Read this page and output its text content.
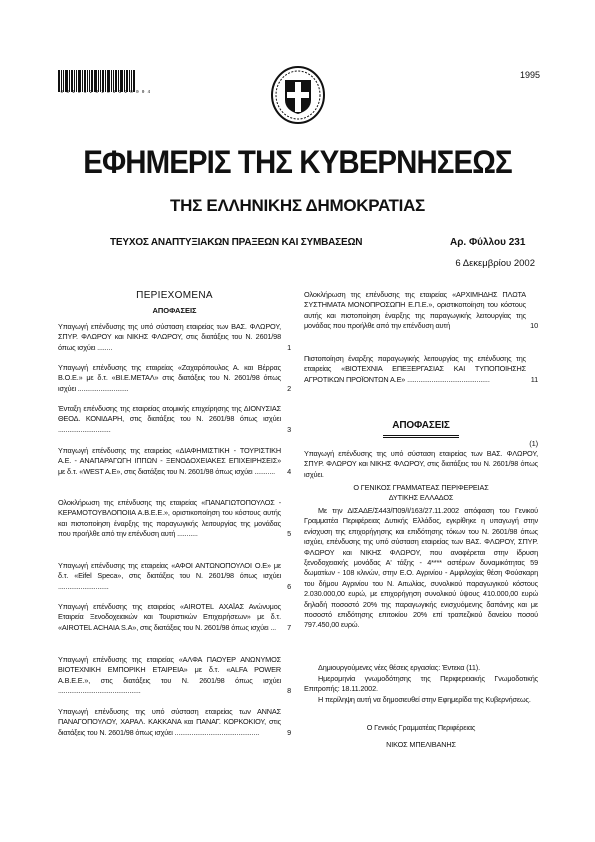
0 3 1 0 5 2 3 1 0 6 1 2 0 0 0 4
1995
ΕΦΗΜΕΡΙΣ ΤΗΣ ΚΥΒΕΡΝΗΣΕΩΣ
ΤΗΣ ΕΛΛΗΝΙΚΗΣ ΔΗΜΟΚΡΑΤΙΑΣ
ΤΕΥΧΟΣ ΑΝΑΠΤΥΞΙΑΚΩΝ ΠΡΑΞΕΩΝ ΚΑΙ ΣΥΜΒΑΣΕΩΝ	Αρ. Φύλλου 231
6 Δεκεμβρίου 2002
ΠΕΡΙΕΧΟΜΕΝΑ
ΑΠΟΦΑΣΕΙΣ
Υπαγωγή επένδυσης της υπό σύσταση εταιρείας των ΒΑΣ. ΦΛΩΡΟΥ, ΣΠΥΡ. ΦΛΩΡΟΥ και ΝΙΚΗΣ ΦΛΩΡΟΥ, στις διατάξεις του Ν. 2601/98 όπως ισχύει ........	1
Υπαγωγή επένδυσης της εταιρείας «Ζαχαρόπουλος Α. και Βέρρας Β.Ο.Ε.» με δ.τ. «ΒΙ.Ε.ΜΕΤΑΛ» στις διατάξεις του Ν. 2601/98 όπως ισχύει ...........................	2
Ένταξη επένδυσης της εταιρείας ατομικής επιχείρησης της ΔΙΟΝΥΣΙΑΣ ΘΕΟΔ. ΚΟΝΙΔΑΡΗ, στις διατάξεις του Ν. 2601/98 όπως ισχύει ............................	3
Υπαγωγή επένδυσης της εταιρείας «ΔΙΑΦΗΜΙΣΤΙΚΗ - ΤΟΥΡΙΣΤΙΚΗ Α.Ε. - ΑΝΑΠΑΡΑΓΩΓΗ ΙΠΠΩΝ - ΞΕΝΟΔΟΧΕΙΑΚΕΣ ΕΠΙΧΕΙΡΗΣΕΙΣ» με δ.τ. «WEST A.E», στις διατάξεις του Ν. 2601/98 όπως ισχύει ...........	4
Ολοκλήρωση της επένδυσης της εταιρείας «ΠΑΝΑΓΙΩΤΟΠΟΥΛΟΣ - ΚΕΡΑΜΟΤΟΥΒΛΟΠΟΙΙΑ Α.Β.Ε.Ε.», οριστικοποίηση του κόστους αυτής και πιστοποίηση έναρξης της παραγωγικής λειτουργίας της μονάδας που προήλθε από την επένδυση αυτή ...........	5
Υπαγωγή επένδυσης της εταιρείας «ΑΦΟΙ ΑΝΤΩΝΟΠΟΥΛΟΙ Ο.Ε» με δ.τ. «Eifel Speca», στις διατάξεις του Ν. 2601/98 όπως ισχύει ...........................	6
Υπαγωγή επένδυσης της εταιρείας «AIROTEL ΑΧΑΪΑΣ Ανώνυμος Εταιρεία Ξενοδοχειακών και Τουριστικών Επιχειρήσεων» με δ.τ. «AIROTEL ACHAIA S.A», στις διατάξεις του Ν. 2601/98 όπως ισχύει ...	7
Υπαγωγή επένδυσης της εταιρείας «ΑΛΦΑ ΠΑΟΥΕΡ ΑΝΩΝΥΜΟΣ ΒΙΟΤΕΧΝΙΚΗ ΕΜΠΟΡΙΚΗ ΕΤΑΙΡΕΙΑ» με δ.τ. «ALFA POWER A.B.E.E.», στις διατάξεις του Ν. 2601/98 όπως ισχύει ............................................	8
Υπαγωγή επένδυσης της υπό σύσταση εταιρείας των ΑΝΝΑΣ ΠΑΝΑΓΟΠΟΥΛΟΥ, ΧΑΡΑΛ. ΚΑΚΚΑΝΑ και ΠΑΝΑΓ. ΚΟΡΚΟΚΙΟΥ, στις διατάξεις του Ν. 2601/98 όπως ισχύει .............................................	9
Ολοκλήρωση της επένδυσης της εταιρείας «ΑΡΧΙΜΗΔΗΣ ΠΛΩΤΑ ΣΥΣΤΗΜΑΤΑ ΜΟΝΟΠΡΟΣΩΠΗ Ε.Π.Ε.», οριστικοποίηση του κόστους αυτής και πιστοποίηση έναρξης της παραγωγικής λειτουργίας της μονάδας που προήλθε από την επένδυση αυτή	10
Πιστοποίηση έναρξης παραγωγικής λειτουργίας της επένδυσης της εταιρείας «ΒΙΟΤΕΧΝΙΑ ΕΠΕΞΕΡΓΑΣΙΑΣ ΚΑΙ ΤΥΠΟΠΟΙΗΣΗΣ ΑΓΡΟΤΙΚΩΝ ΠΡΟΪΟΝΤΩΝ Α.Ε» ............................................	11
ΑΠΟΦΑΣΕΙΣ
(1)
Υπαγωγή επένδυσης της υπό σύσταση εταιρείας των ΒΑΣ. ΦΛΩΡΟΥ, ΣΠΥΡ. ΦΛΩΡΟΥ και ΝΙΚΗΣ ΦΛΩΡΟΥ, στις διατάξεις του Ν. 2601/98 όπως ισχύει.
Ο ΓΕΝΙΚΟΣ ΓΡΑΜΜΑΤΕΑΣ ΠΕΡΙΦΕΡΕΙΑΣ
ΔΥΤΙΚΗΣ ΕΛΛΑΔΟΣ
Με την ΔΙΣΑΔΕ/Σ443/Π09/Ι/163/27.11.2002 απόφαση του Γενικού Γραμματέα Περιφέρειας Δυτικής Ελλάδος, εγκρίθηκε η υπαγωγή στην ενίσχυση της επιχορήγησης και επιδότησης τόκων του Ν. 2601/98 όπως ισχύει, επένδυσης της υπό σύσταση εταιρείας των ΒΑΣ. ΦΛΩΡΟΥ, ΣΠΥΡ. ΦΛΩΡΟΥ και ΝΙΚΗΣ ΦΛΩΡΟΥ, που αναφέρεται στην ίδρυση ξενοδοχειακής μονάδας Α' τάξης - 4**** αστέρων δυναμικότητας 59 δωματίων - 108 κλινών, στην Ε.Ο. Αγρινίου - Αμφιλοχίας θέση Φούσκαρη του δήμου Αγρινίου του Ν. Αιτωλίας, συνολικού παραγωγικού κόστους 2.030.000,00 ευρώ, με επιχορήγηση συνολικού ύψους 410.000,00 ευρώ δηλαδή ποσοστό 20% της παραγωγικής ενισχυόμενης δαπάνης και με ποσοστό επιδότησης επιτοκίου 20% επί τραπεζικού δανείου ποσού 797.450,00 ευρώ.
Δημιουργούμενες νέες θέσεις εργασίας: Έντεκα (11).
Ημερομηνία γνωμοδότησης της Περιφερειακής Γνωμοδοτικής Επιτροπής: 18.11.2002.
Η περίληψη αυτή να δημοσιευθεί στην Εφημερίδα της Κυβερνήσεως.
Ο Γενικός Γραμματέας Περιφέρειας
ΝΙΚΟΣ ΜΠΕΛΙΒΑΝΗΣ
